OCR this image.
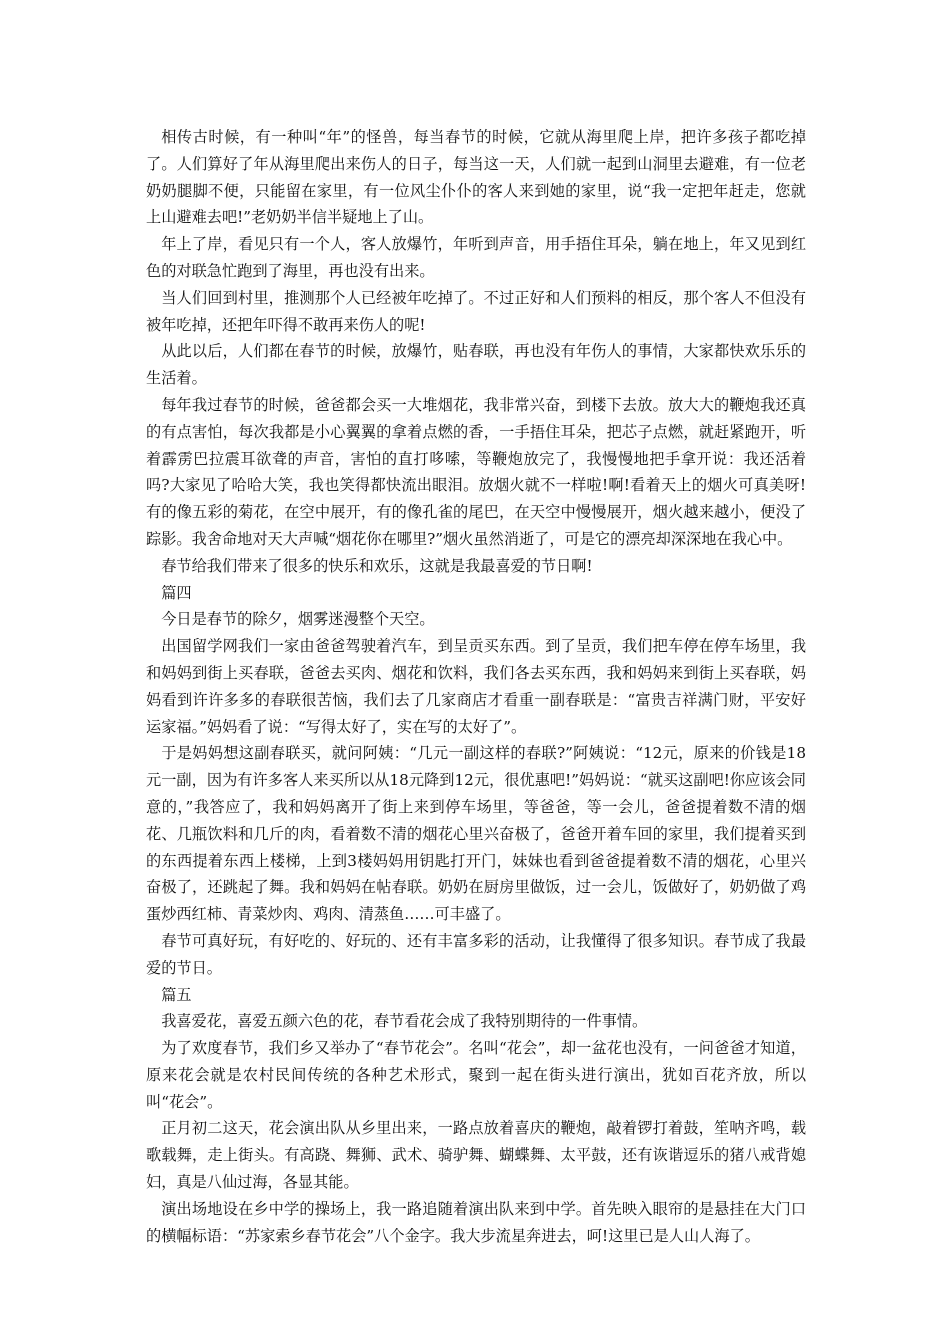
相传古时候，有一种叫“年”的怪兽，每当春节的时候，它就从海里爬上岸，把许多孩子都吃掉了。人们算好了年从海里爬出来伤人的日子，每当这一天，人们就一起到山洞里去避难，有一位老奶奶腿脚不便，只能留在家里，有一位风尘仆仆的客人来到她的家里，说“我一定把年赶走，您就上山避难去吧!”老奶奶半信半疑地上了山。

年上了岸，看见只有一个人，客人放爆竹，年听到声音，用手捂住耳朵，躺在地上，年又见到红色的对联急忙跑到了海里，再也没有出来。

当人们回到村里，推测那个人已经被年吃掉了。不过正好和人们预料的相反，那个客人不但没有被年吃掉，还把年吓得不敢再来伤人的呢!

从此以后，人们都在春节的时候，放爆竹，贴春联，再也没有年伤人的事情，大家都快欢乐乐的生活着。

每年我过春节的时候，爸爸都会买一大堆烟花，我非常兴奋，到楼下去放。放大大的鞭炮我还真的有点害怕，每次我都是小心翼翼的拿着点燃的香，一手捂住耳朵，把芯子点燃，就赶紧跑开，听着霹雳巴拉震耳欲聋的声音，害怕的直打哆嗦，等鞭炮放完了，我慢慢地把手拿开说：我还活着吗?大家见了哈哈大笑，我也笑得都快流出眼泪。放烟火就不一样啦!啊!看着天上的烟火可真美呀!有的像五彩的菊花，在空中展开，有的像孔雀的尾巴，在天空中慢慢展开，烟火越来越小，便没了踪影。我舍命地对天大声喊“烟花你在哪里?”烟火虽然消逝了，可是它的漂亮却深深地在我心中。

春节给我们带来了很多的快乐和欢乐，这就是我最喜爱的节日啊!

篇四

今日是春节的除夕，烟雾迷漫整个天空。

出国留学网我们一家由爸爸驾驶着汽车，到呈贡买东西。到了呈贡，我们把车停在停车场里，我和妈妈到街上买春联，爸爸去买肉、烟花和饮料，我们各去买东西，我和妈妈来到街上买春联，妈妈看到许许多多的春联很苦恼，我们去了几家商店才看重一副春联是：“富贵吉祥满门财，平安好运家福。”妈妈看了说：“写得太好了，实在写的太好了”。

于是妈妈想这副春联买，就问阿姨：“几元一副这样的春联?”阿姨说：“12元，原来的价钱是18元一副，因为有许多客人来买所以从18元降到12元，很优惠吧!”妈妈说：“就买这副吧!你应该会同意的，”我答应了，我和妈妈离开了街上来到停车场里，等爸爸，等一会儿，爸爸提着数不清的烟花、几瓶饮料和几斤的肉，看着数不清的烟花心里兴奋极了，爸爸开着车回的家里，我们提着买到的东西提着东西上楼梯，上到3楼妈妈用钥匙打开门，妹妹也看到爸爸提着数不清的烟花，心里兴奋极了，还跳起了舞。我和妈妈在帖春联。奶奶在厨房里做饭，过一会儿，饭做好了，奶奶做了鸡蛋炒西红柿、青菜炒肉、鸡肉、清蒸鱼……可丰盛了。

春节可真好玩，有好吃的、好玩的、还有丰富多彩的活动，让我懂得了很多知识。春节成了我最爱的节日。

篇五

我喜爱花，喜爱五颜六色的花，春节看花会成了我特别期待的一件事情。

为了欢度春节，我们乡又举办了“春节花会”。名叫“花会”，却一盆花也没有，一问爸爸才知道，原来花会就是农村民间传统的各种艺术形式，聚到一起在街头进行演出，犹如百花齐放，所以叫“花会”。

正月初二这天，花会演出队从乡里出来，一路点放着喜庆的鞭炮，敲着锣打着鼓，笙呐齐鸣，载歌载舞，走上街头。有高跷、舞狮、武术、骑驴舞、蝴蝶舞、太平鼓，还有诙谐逗乐的猪八戒背媳妇，真是八仙过海，各显其能。

演出场地设在乡中学的操场上，我一路追随着演出队来到中学。首先映入眼帘的是悬挂在大门口的横幅标语：“苏家索乡春节花会”八个金字。我大步流星奔进去，呵!这里已是人山人海了。
